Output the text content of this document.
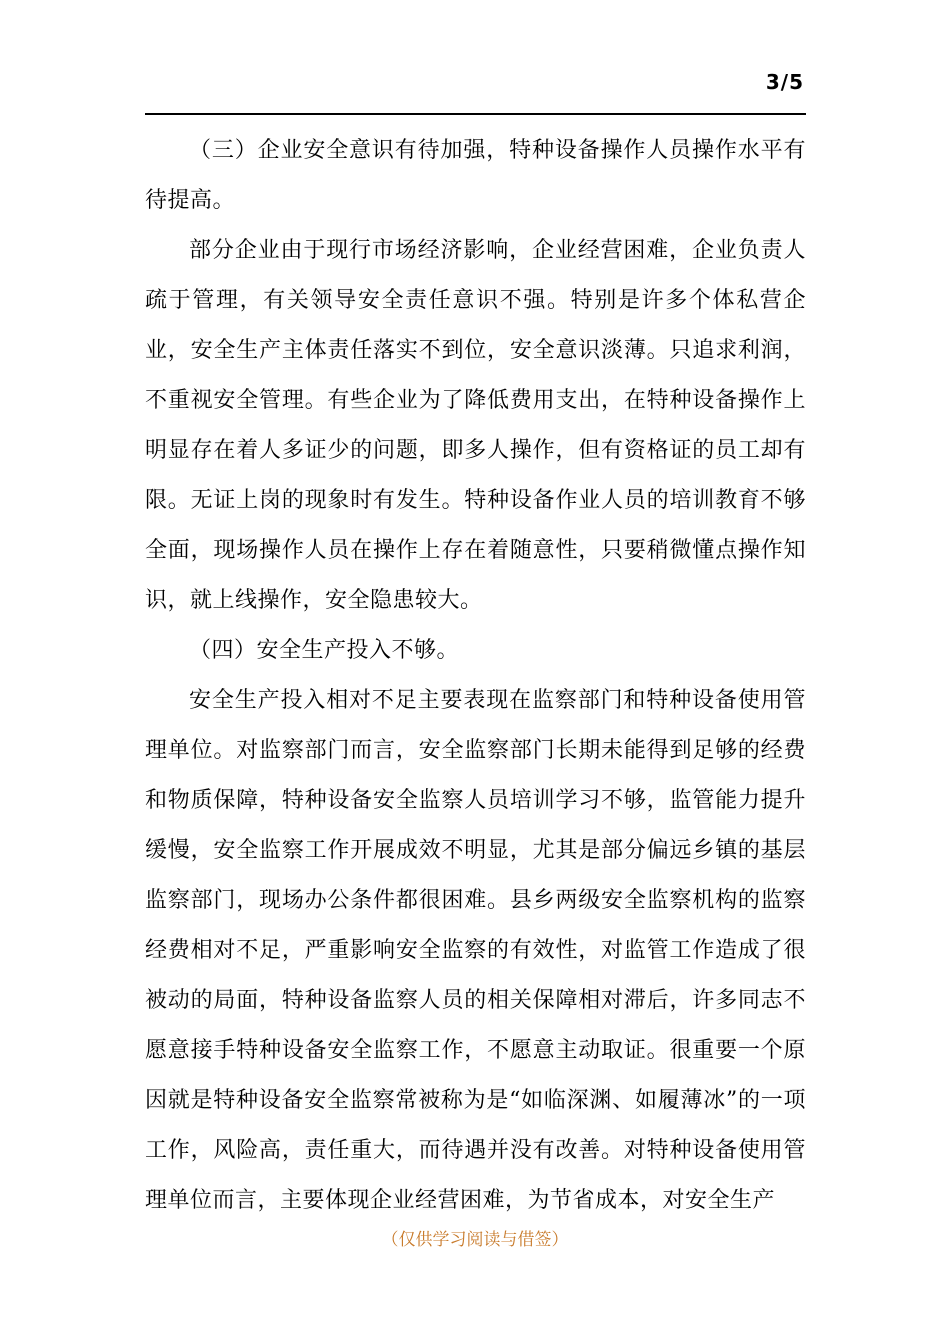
3/5

（三）企业安全意识有待加强，特种设备操作人员操作水平有待提高。

部分企业由于现行市场经济影响，企业经营困难，企业负责人疏于管理，有关领导安全责任意识不强。特别是许多个体私营企业，安全生产主体责任落实不到位，安全意识淡薄。只追求利润，不重视安全管理。有些企业为了降低费用支出，在特种设备操作上明显存在着人多证少的问题，即多人操作，但有资格证的员工却有限。无证上岗的现象时有发生。特种设备作业人员的培训教育不够全面，现场操作人员在操作上存在着随意性，只要稍微懂点操作知识，就上线操作，安全隐患较大。

（四）安全生产投入不够。

安全生产投入相对不足主要表现在监察部门和特种设备使用管理单位。对监察部门而言，安全监察部门长期未能得到足够的经费和物质保障，特种设备安全监察人员培训学习不够，监管能力提升缓慢，安全监察工作开展成效不明显，尤其是部分偏远乡镇的基层监察部门，现场办公条件都很困难。县乡两级安全监察机构的监察经费相对不足，严重影响安全监察的有效性，对监管工作造成了很被动的局面，特种设备监察人员的相关保障相对滞后，许多同志不愿意接手特种设备安全监察工作，不愿意主动取证。很重要一个原因就是特种设备安全监察常被称为是“如临深渊、如履薄冰”的一项工作，风险高，责任重大，而待遇并没有改善。对特种设备使用管理单位而言，主要体现企业经营困难，为节省成本，对安全生产

（仅供学习阅读与借签）
